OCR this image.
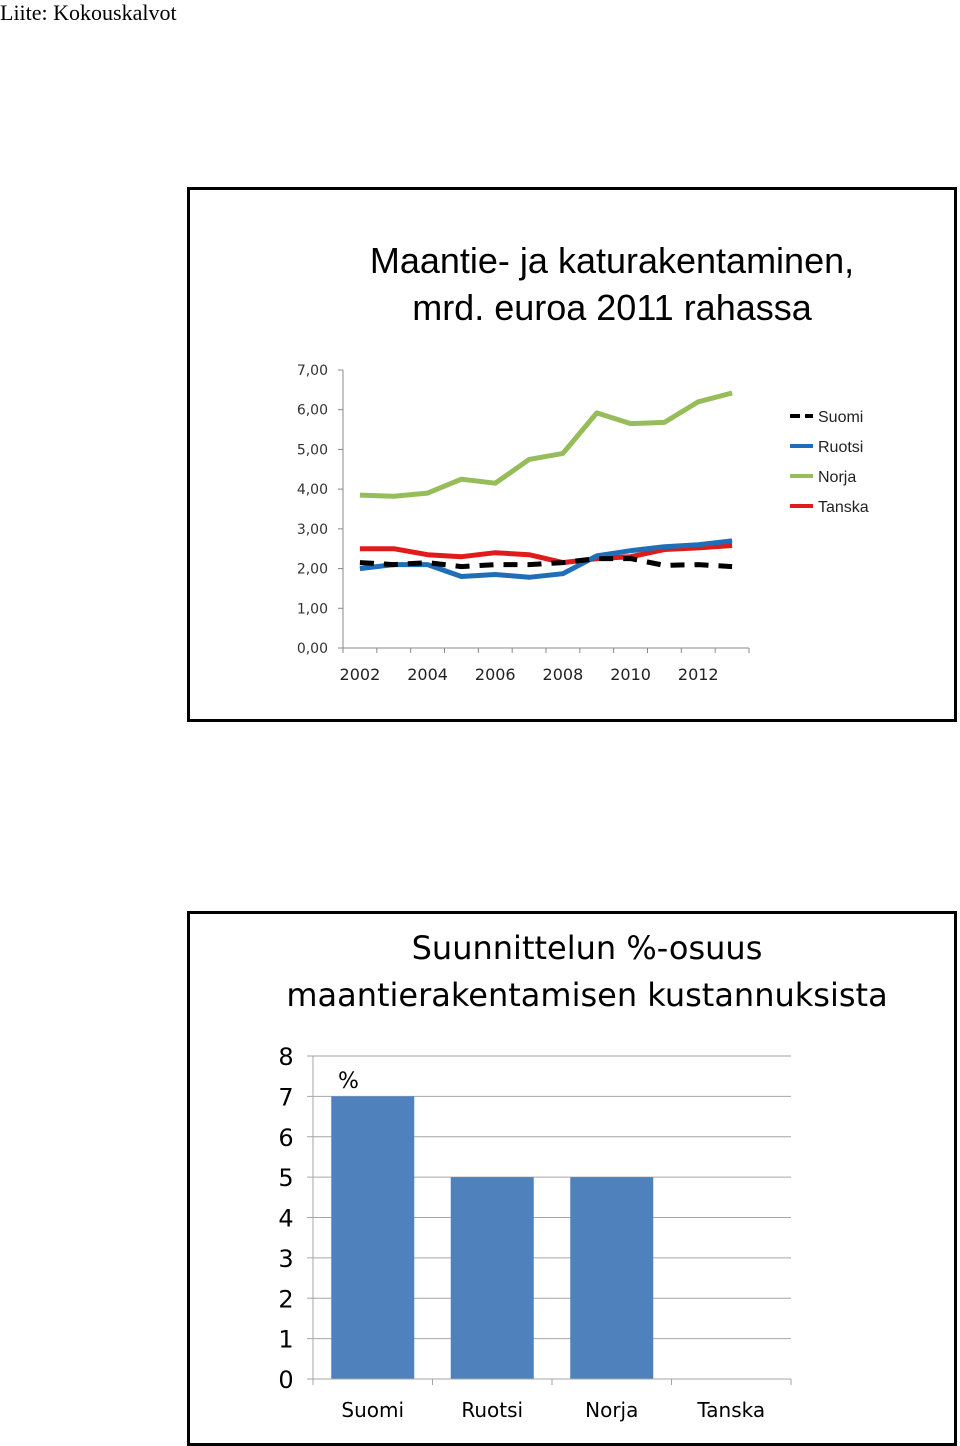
Liite: Kokouskalvot
Maantie- ja katurakentaminen,
mrd. euroa 2011 rahassa
0,00
1,00
2,00
3,00
4,00
5,00
6,00
7,00
2002 2004 2006 2008 2010 2012
Suomi
Ruotsi
Norja
Tanska
Suunnittelun %-osuus
maantierakentamisen kustannuksista
0
1
2
3
4
5
6
7
8
Suomi	Ruotsi	Norja	Tanska
%
